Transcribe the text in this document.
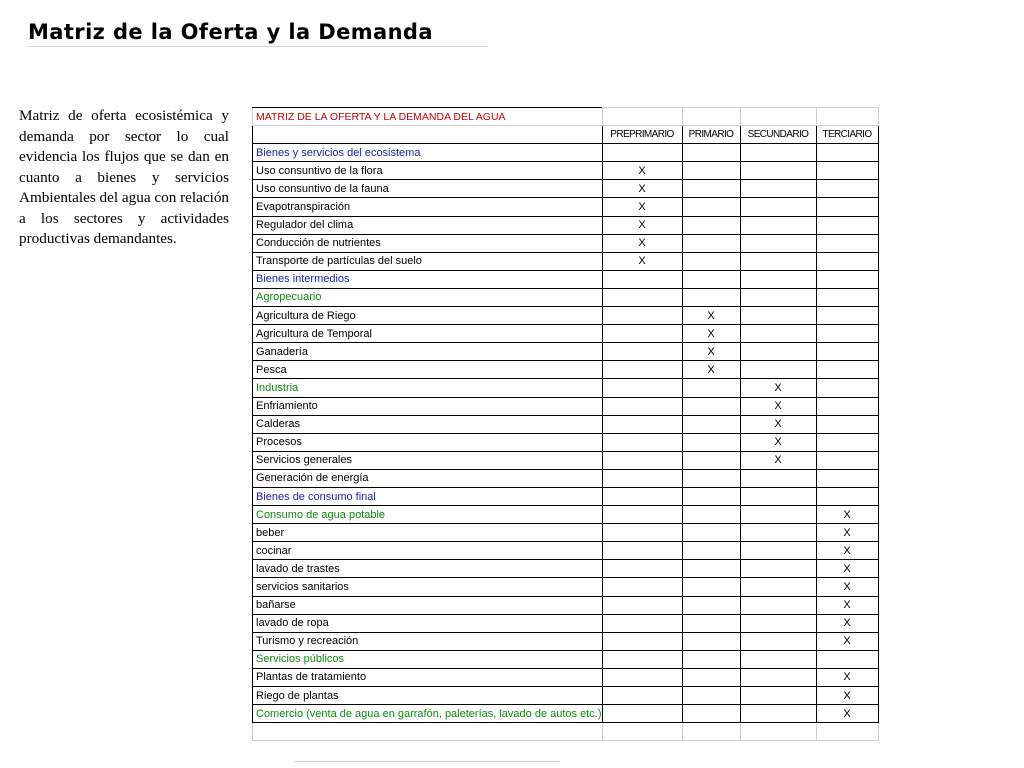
Matriz de la Oferta y la Demanda

Matriz de oferta ecosistémica y demanda por sector lo cual evidencia los flujos que se dan en cuanto a bienes y servicios Ambientales del agua con relación a los sectores y actividades productivas demandantes.

MATRIZ DE LA OFERTA Y LA DEMANDA DEL AGUA				
	PREPRIMARIO	PRIMARIO	SECUNDARIO	TERCIARIO
Bienes y servicios del ecosistema				
Uso consuntivo de la flora	X			
Uso consuntivo de la fauna	X			
Evapotranspiración	X			
Regulador del clima	X			
Conducción de nutrientes	X			
Transporte de partículas del suelo	X			
Bienes intermedios				
Agropecuario				
Agricultura de Riego		X		
Agricultura de Temporal		X		
Ganadería		X		
Pesca		X		
Industria			X	
Enfriamiento			X	
Calderas			X	
Procesos			X	
Servicios generales			X	
Generación de energía				
Bienes de consumo final				
Consumo de agua potable				X
beber				X
cocinar				X
lavado de trastes				X
servicios sanitarios				X
bañarse				X
lavado de ropa				X
Turismo y recreación				X
Servicios públicos				
Plantas de tratamiento				X
Riego de plantas				X
Comercio (venta de agua en garrafón, paleterías, lavado de autos etc.)				X
